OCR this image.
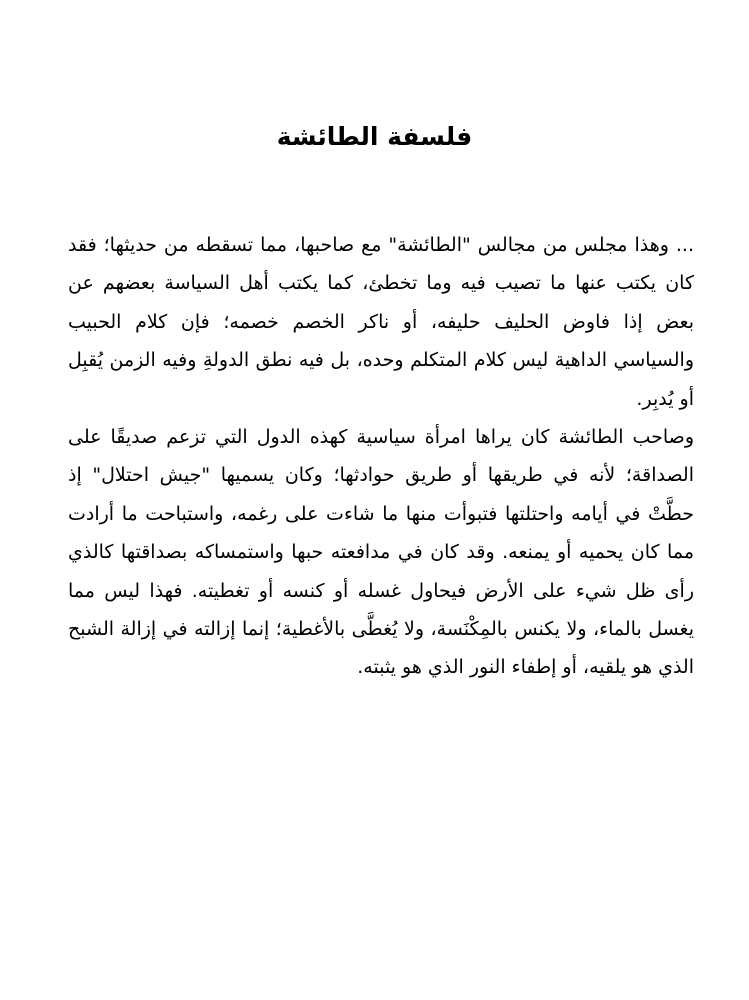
فلسفة الطائشة

... وهذا مجلس من مجالس "الطائشة" مع صاحبها، مما تسقطه من حديثها؛ فقد كان يكتب عنها ما تصيب فيه وما تخطئ، كما يكتب أهل السياسة بعضهم عن بعض إذا فاوض الحليف حليفه، أو ناكر الخصم خصمه؛ فإن كلام الحبيب والسياسي الداهية ليس كلام المتكلم وحده، بل فيه نطق الدولةِ وفيه الزمن يُقبِل أو يُدبِر.

وصاحب الطائشة كان يراها امرأة سياسية كهذه الدول التي تزعم صديقًا على الصداقة؛ لأنه في طريقها أو طريق حوادثها؛ وكان يسميها "جيش احتلال" إذ حطَّتْ في أيامه واحتلتها فتبوأت منها ما شاءت على رغمه، واستباحت ما أرادت مما كان يحميه أو يمنعه. وقد كان في مدافعته حبها واستمساكه بصداقتها كالذي رأى ظل شيء على الأرض فيحاول غسله أو كنسه أو تغطيته. فهذا ليس مما يغسل بالماء، ولا يكنس بالمِكْنَسة، ولا يُغطَّى بالأغطية؛ إنما إزالته في إزالة الشبح الذي هو يلقيه، أو إطفاء النور الذي هو يثبته.
